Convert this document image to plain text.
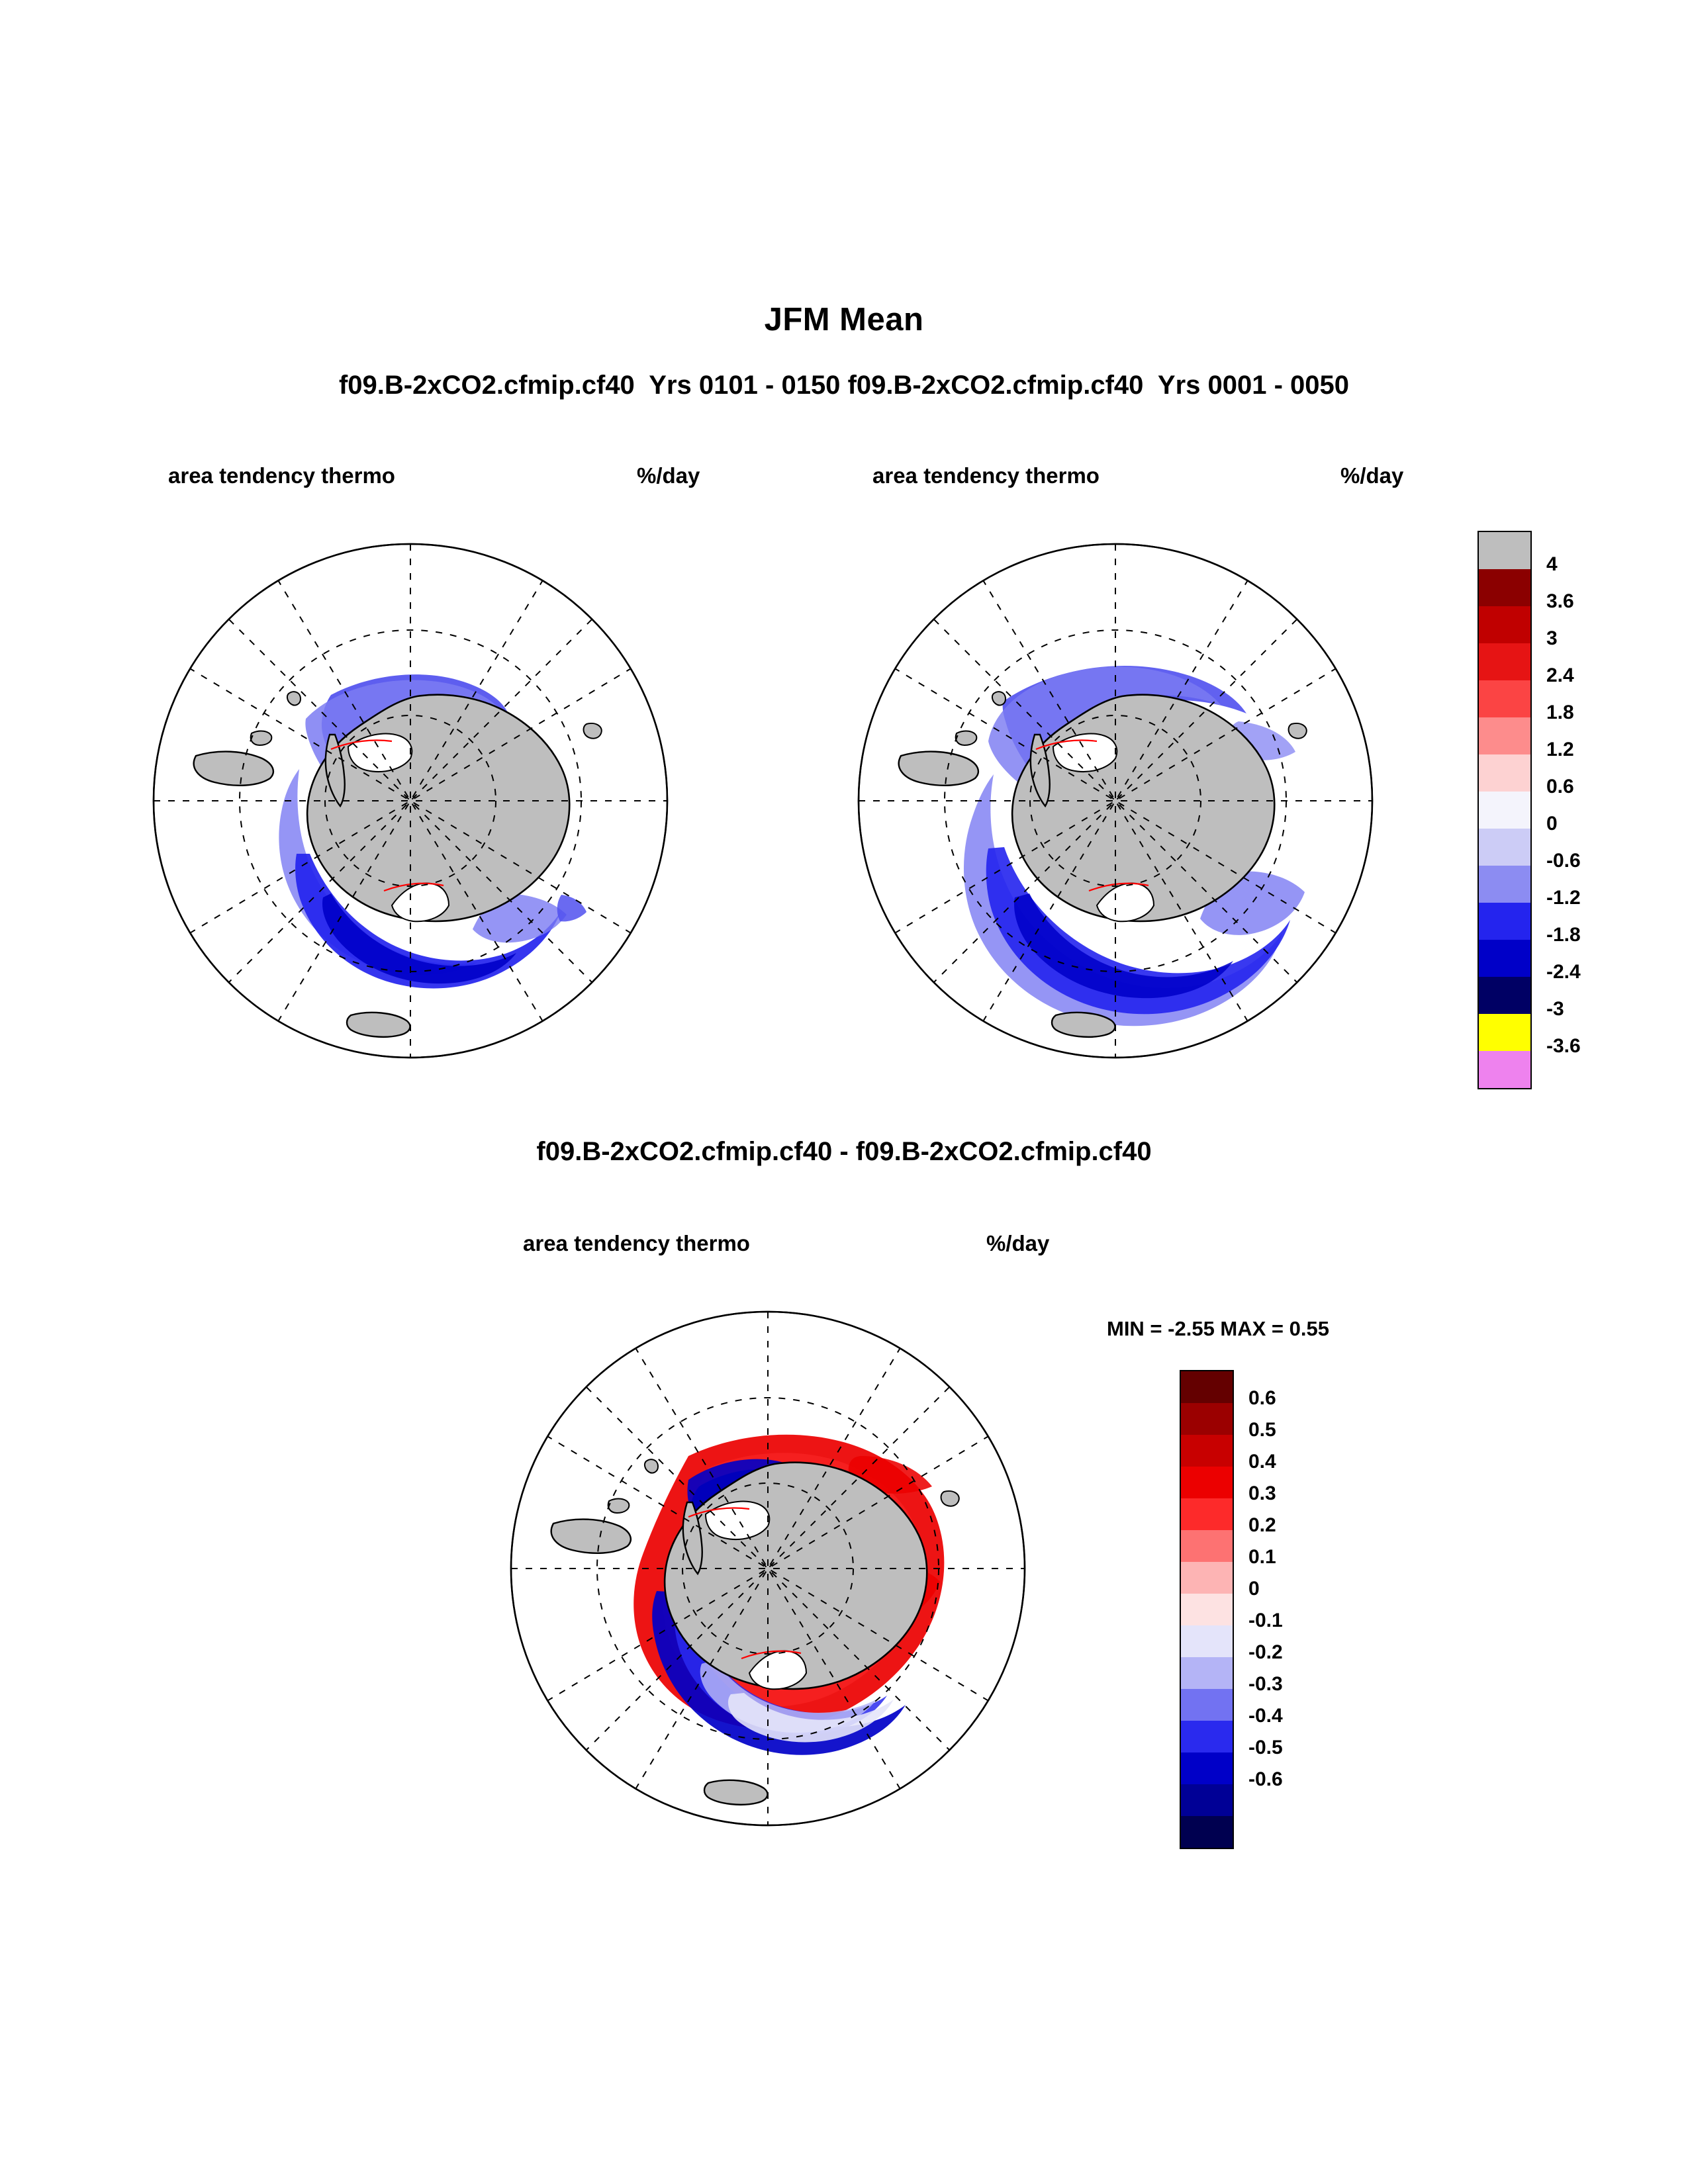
JFM Mean
f09.B-2xCO2.cfmip.cf40  Yrs 0101 - 0150 f09.B-2xCO2.cfmip.cf40  Yrs 0001 - 0050
f09.B-2xCO2.cfmip.cf40 - f09.B-2xCO2.cfmip.cf40
area tendency thermo	%/day	area tendency thermo	%/day
area tendency thermo	%/day
MIN = -2.55 MAX = 0.55
4
3.6
3
2.4
1.8
1.2
0.6
0
-0.6
-1.2
-1.8
-2.4
-3
-3.6
0.6
0.5
0.4
0.3
0.2
0.1
0
-0.1
-0.2
-0.3
-0.4
-0.5
-0.6
